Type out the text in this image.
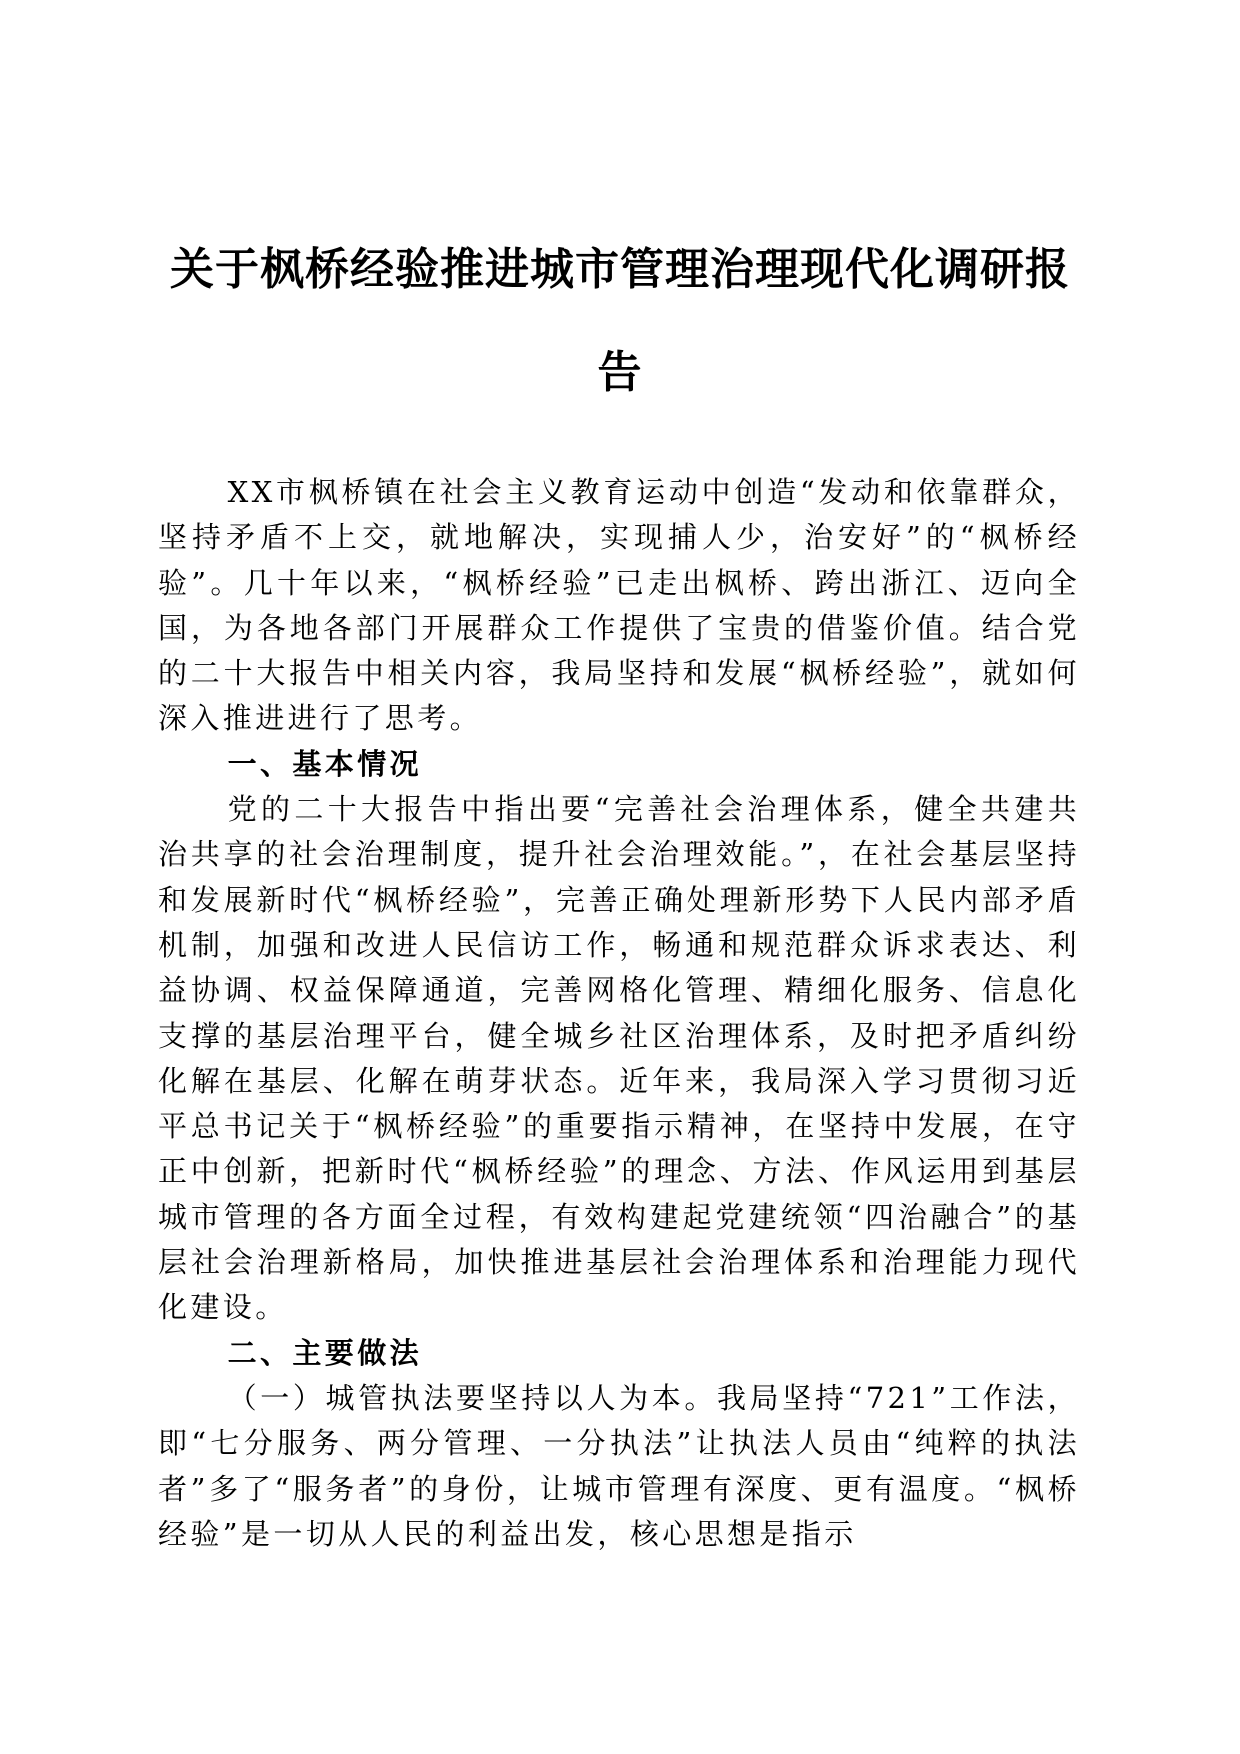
关于枫桥经验推进城市管理治理现代化调研报告

XX市枫桥镇在社会主义教育运动中创造“发动和依靠群众，坚持矛盾不上交，就地解决，实现捕人少，治安好”的“枫桥经验”。几十年以来，“枫桥经验”已走出枫桥、跨出浙江、迈向全国，为各地各部门开展群众工作提供了宝贵的借鉴价值。结合党的二十大报告中相关内容，我局坚持和发展“枫桥经验”，就如何深入推进进行了思考。

一、基本情况

党的二十大报告中指出要“完善社会治理体系，健全共建共治共享的社会治理制度，提升社会治理效能。”，在社会基层坚持和发展新时代“枫桥经验”，完善正确处理新形势下人民内部矛盾机制，加强和改进人民信访工作，畅通和规范群众诉求表达、利益协调、权益保障通道，完善网格化管理、精细化服务、信息化支撑的基层治理平台，健全城乡社区治理体系，及时把矛盾纠纷化解在基层、化解在萌芽状态。近年来，我局深入学习贯彻习近平总书记关于“枫桥经验”的重要指示精神，在坚持中发展，在守正中创新，把新时代“枫桥经验”的理念、方法、作风运用到基层城市管理的各方面全过程，有效构建起党建统领“四治融合”的基层社会治理新格局，加快推进基层社会治理体系和治理能力现代化建设。

二、主要做法

（一）城管执法要坚持以人为本。我局坚持“721”工作法，即“七分服务、两分管理、一分执法”让执法人员由“纯粹的执法者”多了“服务者”的身份，让城市管理有深度、更有温度。“枫桥经验”是一切从人民的利益出发，核心思想是指示
